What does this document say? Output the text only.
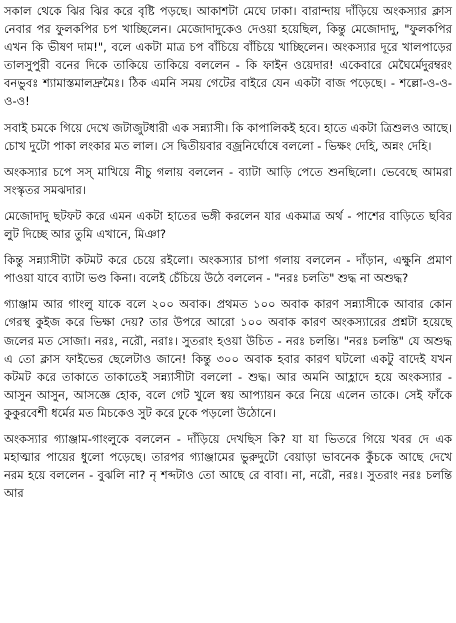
সকাল থেকে ঝির ঝির করে বৃষ্টি পড়ছে। আকাশটা মেঘে ঢাকা। বারান্দায় দাঁড়িয়ে অংকস্যার ক্লাস নেবার পর ফুলকপির চপ খাচ্ছিলেন। মেজোদাদুকেও দেওয়া হয়েছিল, কিন্তু মেজোদাদু, "ফুলকপির এখন কি ভীষণ দাম!", বলে একটা মাত্র চপ বাঁচিয়ে বাঁচিয়ে খাচ্ছিলেন। অংকস্যার দূরে খালপাড়ের তালসুপুরী বনের দিকে তাকিয়ে তাকিয়ে বললেন - কি ফাইন ওয়েদার! একেবারে মেঘৈর্মেদুরম্বরং বনভুবঃ শ্যামাস্তমালদ্রুমৈঃ। ঠিক এমনি সময় গেটের বাইরে যেন একটা বাজ পড়েছে। - শল্লো-ও-ও-ও-ও!

সবাই চমকে গিয়ে দেখে জটাজুটধারী এক সন্ন্যাসী। কি কাপালিকই হবে। হাতে একটা ত্রিশুলও আছে। চোখ দুটো পাকা লংকার মত লাল। সে দ্বিতীয়বার বজ্রনির্ঘোষে বললো - ভিক্ষং দেহি, অন্নং দেহি।

অংকস্যার চপে সস্ মাখিয়ে নীচু গলায় বললেন - ব্যাটা আড়ি পেতে শুনছিলো। ভেবেছে আমরা সংস্কৃতর সমঝদার।

মেজোদাদু ছটফট করে এমন একটা হাতের ভঙ্গী করলেন যার একমাত্র অর্থ - পাশের বাড়িতে ছবির লুট দিচ্ছে আর তুমি এখানে, মিঞা?

কিন্তু সন্ন্যাসীটা কটমট করে চেয়ে রইলো। অংকস্যার চাপা গলায় বললেন - দাঁড়ান, এক্ষুনি প্রমাণ পাওয়া যাবে ব্যাটা ভণ্ড কিনা। বলেই চেঁচিয়ে উঠে বললেন - "নরঃ চলতি" শুদ্ধ না অশুদ্ধ?

গ্যাঞ্জাম আর গাংলু যাকে বলে ২০০ অবাক। প্রথমত ১০০ অবাক কারণ সন্ন্যাসীকে আবার কোন গেরস্থ কুইজ করে ভিক্ষা দেয়? তার উপরে আরো ১০০ অবাক কারণ অংকস্যারের প্রশ্নটা হয়েছে জলের মত সোজা। নরঃ, নরৌ, নরাঃ। সুতরাং হওয়া উচিত - নরঃ চলন্তি। "নরঃ চলন্তি" যে অশুদ্ধ এ তো ক্লাস ফাইভের ছেলেটাও জানে! কিন্তু ৩০০ অবাক হবার কারণ ঘটলো একটু বাদেই যখন কটমট করে তাকাতে তাকাতেই সন্ন্যাসীটা বললো - শুদ্ধ। আর অমনি আহ্লাদে হয়ে অংকস্যার - আসুন আসুন, আসজ্ঞে হোক, বলে গেট খুলে স্বয় আপ্যায়ন করে নিয়ে এলেন তাকে। সেই ফাঁকে কুকুরবেশী ধর্মের মত মিচকেও সুট করে ঢুকে পড়লো উঠোনে।

অংকস্যার গ্যাঞ্জাম-গাংলুকে বললেন - দাঁড়িয়ে দেখছিস কি? যা যা ভিতরে গিয়ে খবর দে এক মহাত্মার পায়ের ধুলো পড়েছে। তারপর গ্যাঞ্জামের ভুরুদুটো বেয়াড়া ভাবনেক কুঁচকে আছে দেখে নরম হয়ে বললেন - বুঝলি না? নৃ শব্দটাও তো আছে রে বাবা। না, নরৌ, নরঃ। সুতরাং নরঃ চলন্তি আর
